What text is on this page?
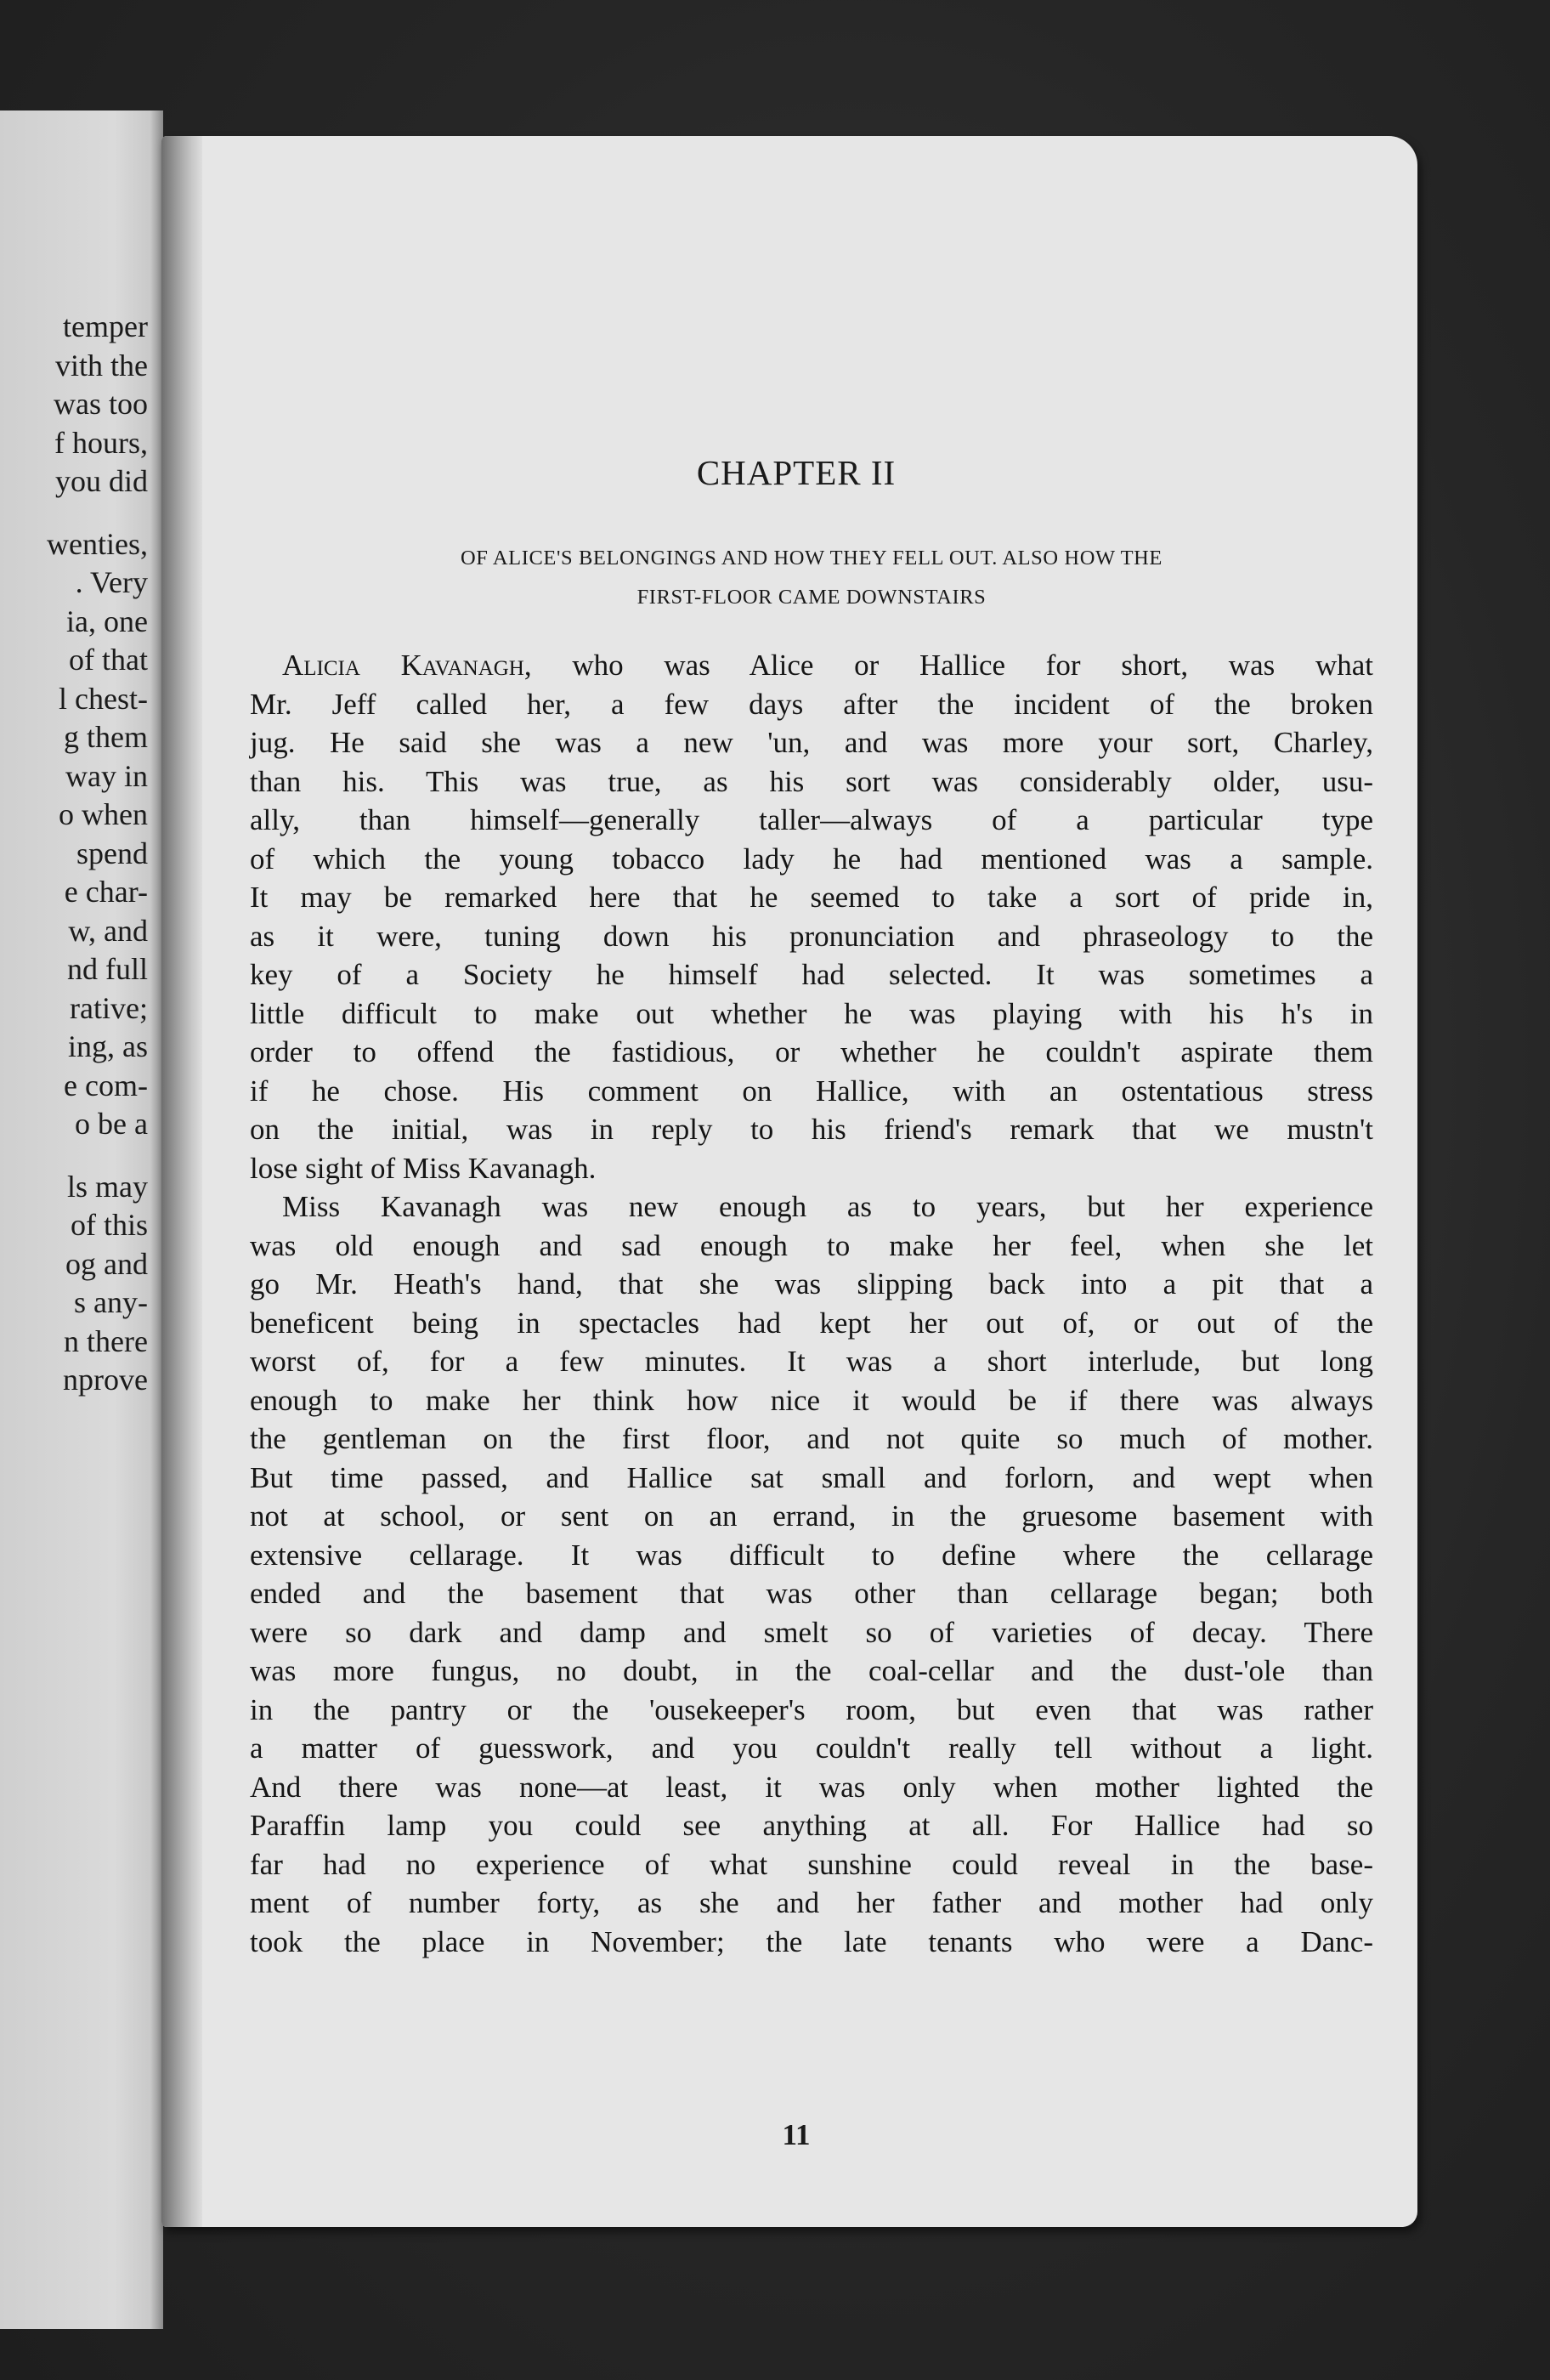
temper
vith the
was too
f hours,
you did
wenties,
. Very
ia, one
of that
l chest-
g them
way in
o when
spend
e char-
w, and
nd full
rative;
ing, as
e com-
o be a
ls may
of this
og and
s any-
n there
nprove
CHAPTER II
OF ALICE'S BELONGINGS AND HOW THEY FELL OUT. ALSO HOW THE
FIRST-FLOOR CAME DOWNSTAIRS
Alicia Kavanagh, who was Alice or Hallice for short, was what
Mr. Jeff called her, a few days after the incident of the broken
jug. He said she was a new 'un, and was more your sort, Charley,
than his. This was true, as his sort was considerably older, usu-
ally, than himself—generally taller—always of a particular type
of which the young tobacco lady he had mentioned was a sample.
It may be remarked here that he seemed to take a sort of pride in,
as it were, tuning down his pronunciation and phraseology to the
key of a Society he himself had selected. It was sometimes a
little difficult to make out whether he was playing with his h's in
order to offend the fastidious, or whether he couldn't aspirate them
if he chose. His comment on Hallice, with an ostentatious stress
on the initial, was in reply to his friend's remark that we mustn't
lose sight of Miss Kavanagh.
Miss Kavanagh was new enough as to years, but her experience
was old enough and sad enough to make her feel, when she let
go Mr. Heath's hand, that she was slipping back into a pit that a
beneficent being in spectacles had kept her out of, or out of the
worst of, for a few minutes. It was a short interlude, but long
enough to make her think how nice it would be if there was always
the gentleman on the first floor, and not quite so much of mother.
But time passed, and Hallice sat small and forlorn, and wept when
not at school, or sent on an errand, in the gruesome basement with
extensive cellarage. It was difficult to define where the cellarage
ended and the basement that was other than cellarage began; both
were so dark and damp and smelt so of varieties of decay. There
was more fungus, no doubt, in the coal-cellar and the dust-'ole than
in the pantry or the 'ousekeeper's room, but even that was rather
a matter of guesswork, and you couldn't really tell without a light.
And there was none—at least, it was only when mother lighted the
Paraffin lamp you could see anything at all. For Hallice had so
far had no experience of what sunshine could reveal in the base-
ment of number forty, as she and her father and mother had only
took the place in November; the late tenants who were a Danc-
11
